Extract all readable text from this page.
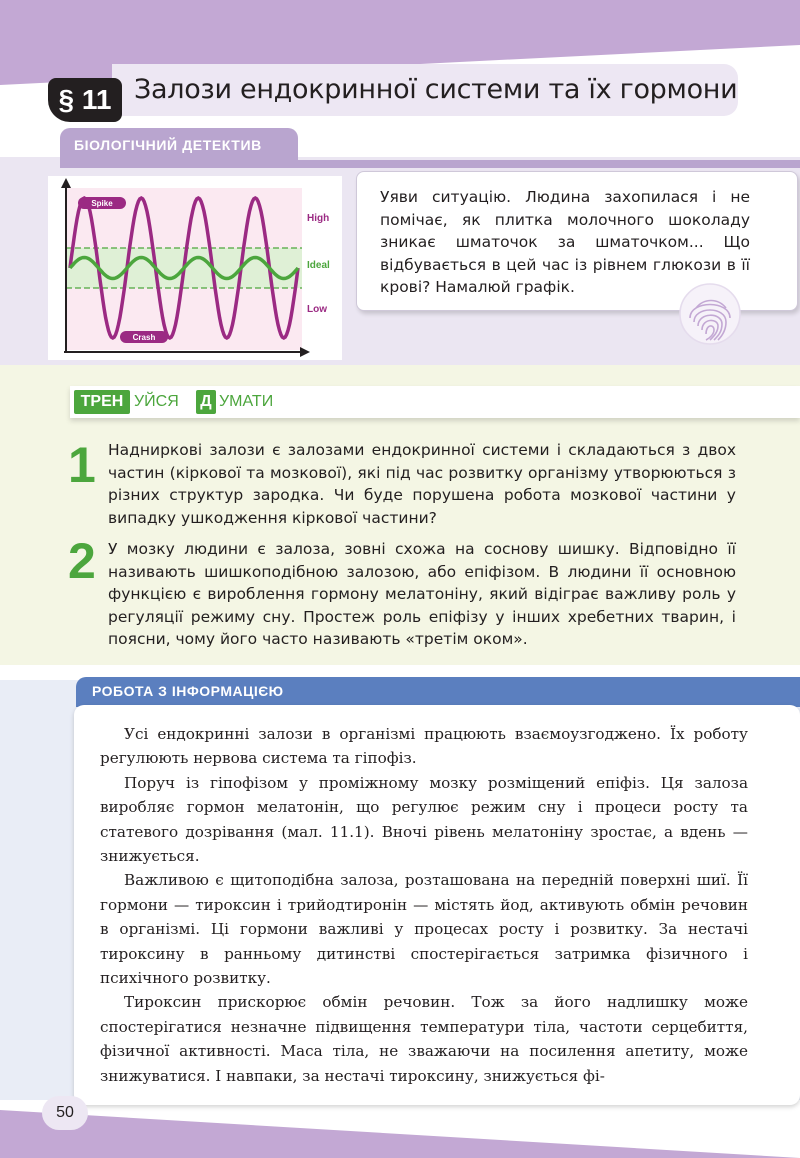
§ 11 Залози ендокринної системи та їх гормони
БІОЛОГІЧНИЙ ДЕТЕКТИВ
Spike
Crash
High
Ideal
Low
Уяви ситуацію. Людина захопилася і не помічає, як плитка молочного шоколаду зникає шматочок за шматочком... Що відбувається в цей час із рівнем глюкози в її крові? Намалюй графік.
ТРЕН УЙСЯ Д УМАТИ
1 Надниркові залози є залозами ендокринної системи і складаються з двох частин (кіркової та мозкової), які під час розвитку організму утворюються з різних структур зародка. Чи буде порушена робота мозкової частини у випадку ушкодження кіркової частини?
2 У мозку людини є залоза, зовні схожа на соснову шишку. Відповідно її називають шишкоподібною залозою, або епіфізом. В людини її основною функцією є вироблення гормону мелатоніну, який відіграє важливу роль у регуляції режиму сну. Простеж роль епіфізу у інших хребетних тварин, і поясни, чому його часто називають «третім оком».
РОБОТА З ІНФОРМАЦІЄЮ

Усі ендокринні залози в організмі працюють взаємоузгоджено. Їх роботу регулюють нервова система та гіпофіз.

Поруч із гіпофізом у проміжному мозку розміщений епіфіз. Ця залоза виробляє гормон мелатонін, що регулює режим сну і процеси росту та статевого дозрівання (мал. 11.1). Вночі рівень мелатоніну зростає, а вдень — знижується.

Важливою є щитоподібна залоза, розташована на передній поверхні шиї. Її гормони — тироксин і трийодтиронін — містять йод, активують обмін речовин в організмі. Ці гормони важливі у процесах росту і розвитку. За нестачі тироксину в ранньому дитинстві спостерігається затримка фізичного і психічного розвитку.

Тироксин прискорює обмін речовин. Тож за його надлишку може спостерігатися незначне підвищення температури тіла, частоти серцебиття, фізичної активності. Маса тіла, не зважаючи на посилення апетиту, може знижуватися. І навпаки, за нестачі тироксину, знижується фі-

50
